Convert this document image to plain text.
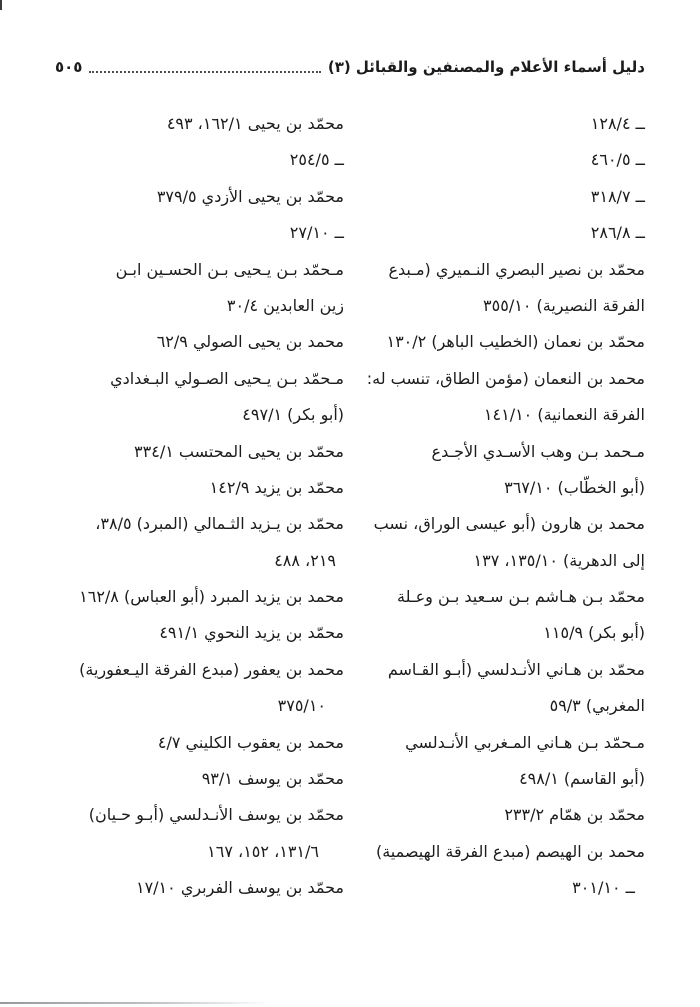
دليل أسماء الأعلام والمصنفين والقبائل (٣)
٥٠٥
ــ ١٢٨/٤
ــ ٤٦٠/٥
ــ ٣١٨/٧
ــ ٢٨٦/٨
محمّد بن نصير البصري النـميري (مـبدع
الفرقة النصيرية) ٣٥٥/١٠
محمّد بن نعمان (الخطيب الباهر) ١٣٠/٢
محمد بن النعمان (مؤمن الطاق، تنسب له:
الفرقة النعمانية) ١٤١/١٠
مـحمد بـن وهب الأسـدي الأجـدع
(أبو الخطّاب) ٣٦٧/١٠
محمد بن هارون (أبو عيسى الوراق، نسب
إلى الدهرية) ١٣٥/١٠، ١٣٧
محمّد بـن هـاشم بـن سـعيد بـن وعـلة
(أبو بكر) ١١٥/٩
محمّد بن هـاني الأنـدلسي (أبـو القـاسم
المغربي) ٥٩/٣
مـحمّد بـن هـاني المـغربي الأنـدلسي
(أبو القاسم) ٤٩٨/١
محمّد بن همّام ٢٣٣/٢
محمد بن الهيصم (مبدع الفرقة الهيصمية)
ــ ٣٠١/١٠
محمّد بن يحيى ١٦٢/١، ٤٩٣
ــ ٢٥٤/٥
محمّد بن يحيى الأزدي ٣٧٩/٥
ــ ٢٧/١٠
مـحمّد بـن يـحيى بـن الحسـين ابـن
زين العابدين ٣٠/٤
محمد بن يحيى الصولي ٦٢/٩
مـحمّد بـن يـحيى الصـولي البـغدادي
(أبو بكر) ٤٩٧/١
محمّد بن يحيى المحتسب ٣٣٤/١
محمّد بن يزيد ١٤٢/٩
محمّد بن يـزيد الثـمالي (المبرد) ٣٨/٥،
٢١٩، ٤٨٨
محمد بن يزيد المبرد (أبو العباس) ١٦٢/٨
محمّد بن يزيد النحوي ٤٩١/١
محمد بن يعفور (مبدع الفرقة اليـعفورية)
٣٧٥/١٠
محمد بن يعقوب الكليني ٤/٧
محمّد بن يوسف ٩٣/١
محمّد بن يوسف الأنـدلسي (أبـو حـيان)
١٣١/٦، ١٥٢، ١٦٧
محمّد بن يوسف الفربري ١٧/١٠
